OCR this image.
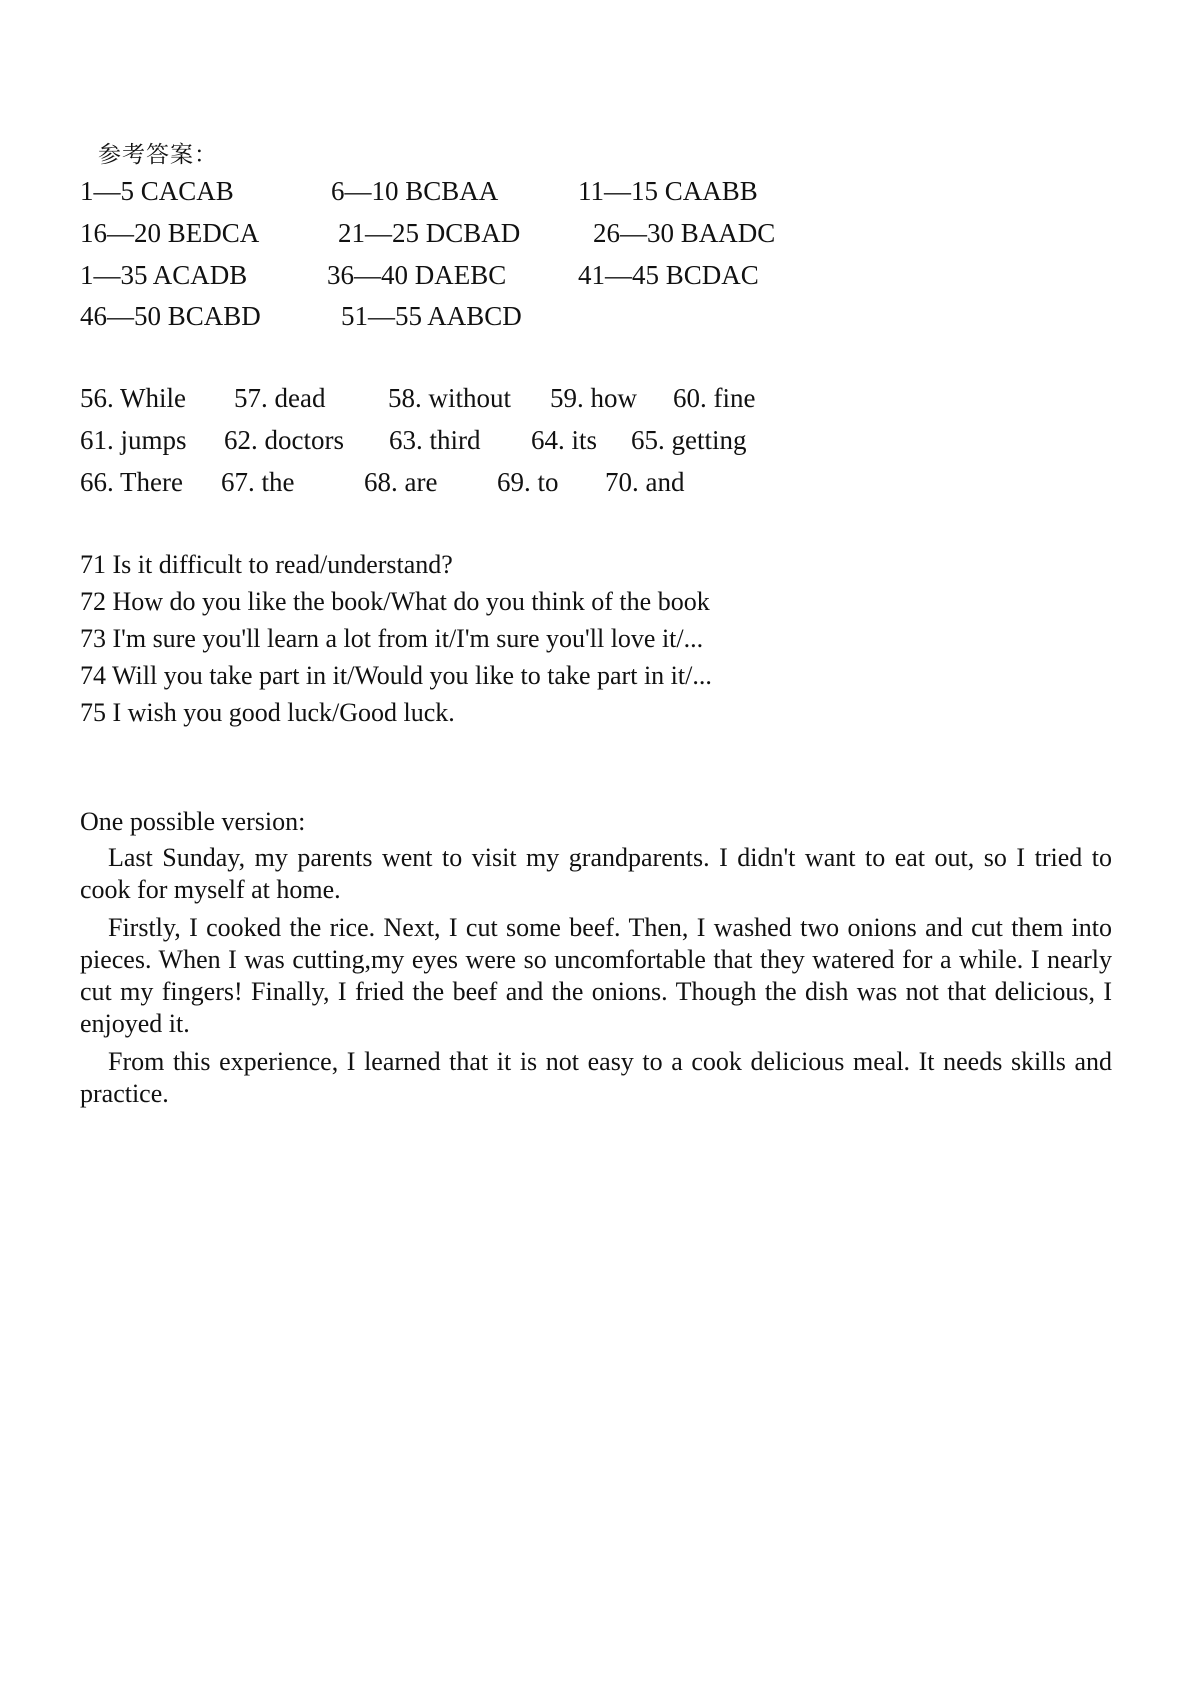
参考答案：
1—5 CACAB	6—10 BCBAA	11—15 CAABB
16—20 BEDCA	21—25 DCBAD	26—30 BAADC
1—35 ACADB	36—40 DAEBC	41—45 BCDAC
46—50 BCABD	51—55 AABCD
56. While 57. dead 58. without 59. how 60. fine
61. jumps 62. doctors 63. third 64. its 65. getting
66. There 67. the	68. are 69. to 70. and
71 Is it difficult to read/understand?
72 How do you like the book/What do you think of the book
73 I'm sure you'll learn a lot from it/I'm sure you'll love it/...
74 Will you take part in it/Would you like to take part in it/...
75 I wish you good luck/Good luck.
One possible version:

Last Sunday, my parents went to visit my grandparents. I didn't want to eat out, so I tried to cook for myself at home.

Firstly, I cooked the rice. Next, I cut some beef. Then, I washed two onions and cut them into pieces. When I was cutting,my eyes were so uncomfortable that they watered for a while. I nearly cut my fingers! Finally, I fried the beef and the onions. Though the dish was not that delicious, I enjoyed it.

From this experience, I learned that it is not easy to a cook delicious meal. It needs skills and practice.
